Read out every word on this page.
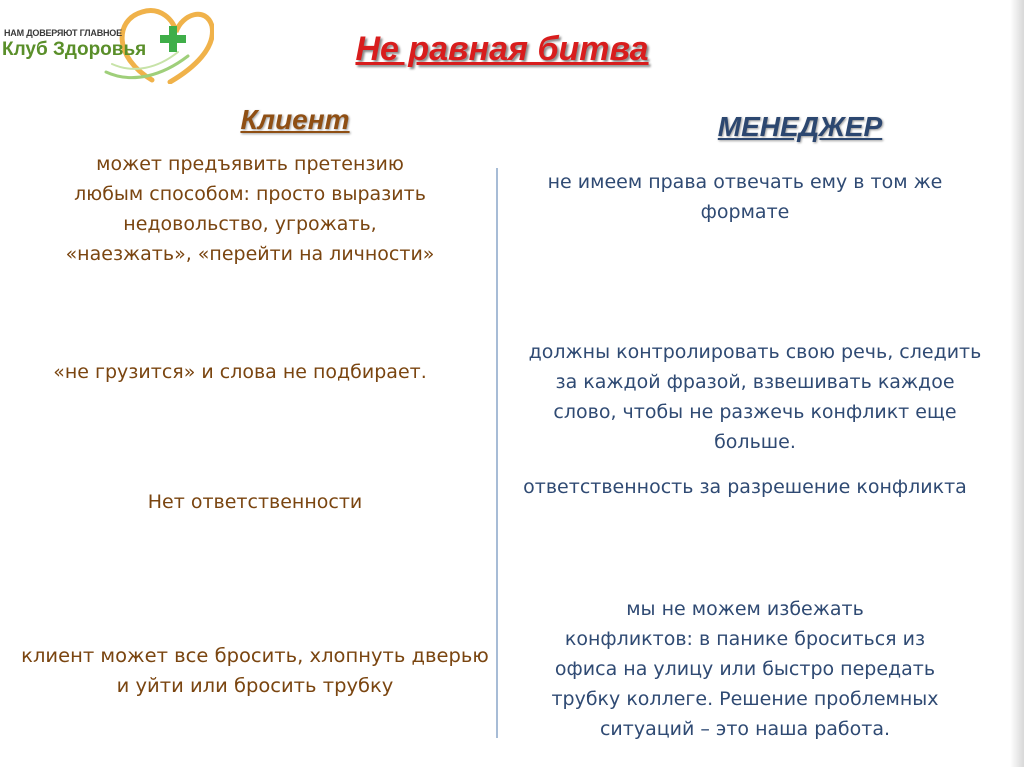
НАМ ДОВЕРЯЮТ ГЛАВНОЕ
Клуб Здоровья	Не равная битва
Клиент	МЕНЕДЖЕР
может предъявить претензию
любым способом: просто выразить
недовольство, угрожать,
«наезжать», «перейти на личности»
«не грузится» и слова не подбирает.
Нет ответственности
клиент может все бросить, хлопнуть дверью
и уйти или бросить трубку
не имеем права отвечать ему в том же
формате
должны контролировать свою речь, следить
за каждой фразой, взвешивать каждое
слово, чтобы не разжечь конфликт еще
больше.
ответственность за разрешение конфликта
мы не можем избежать
конфликтов: в панике броситься из
офиса на улицу или быстро передать
трубку коллеге. Решение проблемных
ситуаций – это наша работа.
